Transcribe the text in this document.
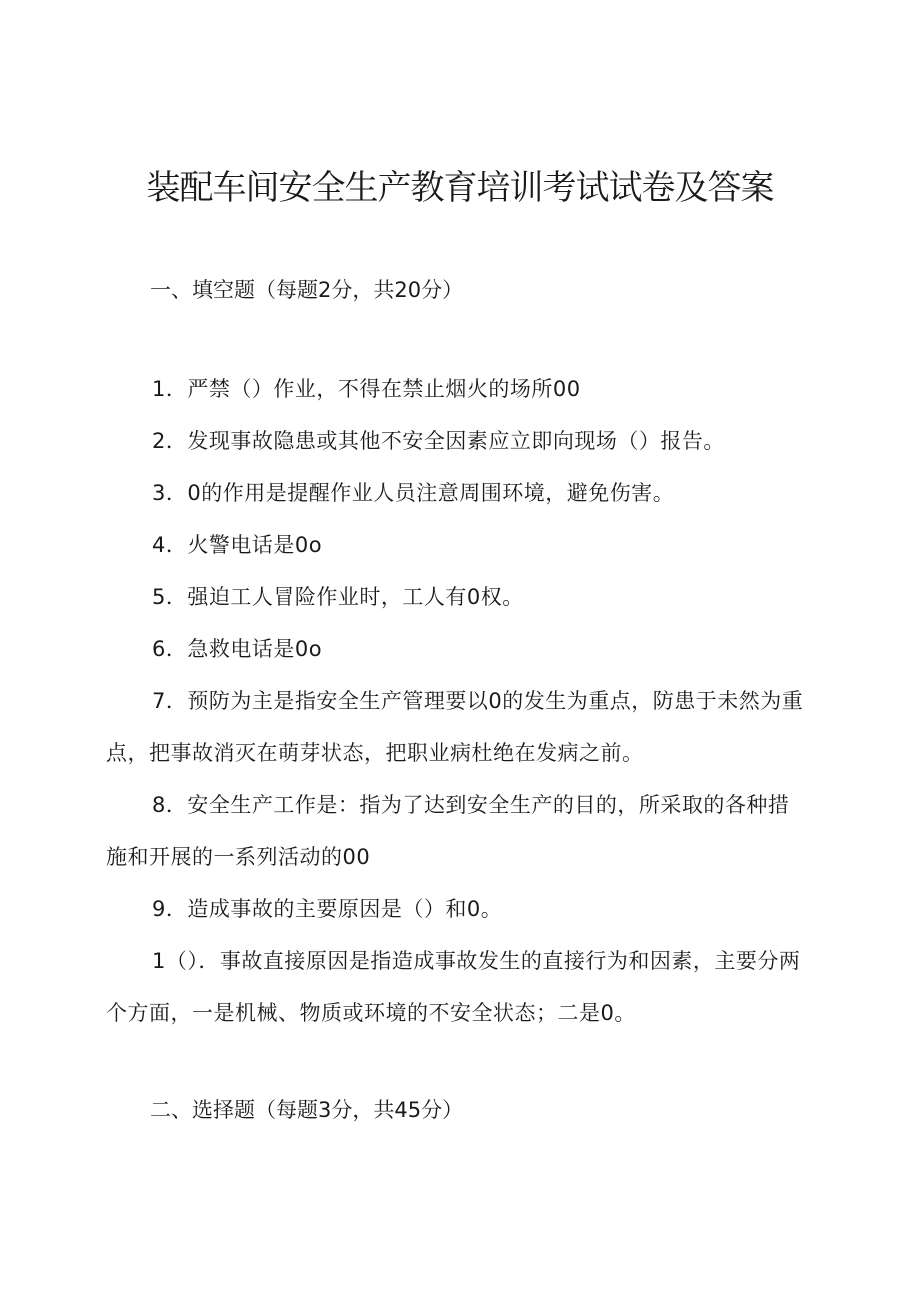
装配车间安全生产教育培训考试试卷及答案

一、填空题（每题2分，共20分）

1．严禁（）作业，不得在禁止烟火的场所00

2．发现事故隐患或其他不安全因素应立即向现场（）报告。

3．0的作用是提醒作业人员注意周围环境，避免伤害。

4．火警电话是0o

5．强迫工人冒险作业时，工人有0权。

6．急救电话是0o

7．预防为主是指安全生产管理要以0的发生为重点，防患于未然为重点，把事故消灭在萌芽状态，把职业病杜绝在发病之前。

8．安全生产工作是：指为了达到安全生产的目的，所采取的各种措施和开展的一系列活动的00

9．造成事故的主要原因是（）和0。

1（）．事故直接原因是指造成事故发生的直接行为和因素，主要分两个方面，一是机械、物质或环境的不安全状态；二是0。

二、选择题（每题3分，共45分）
